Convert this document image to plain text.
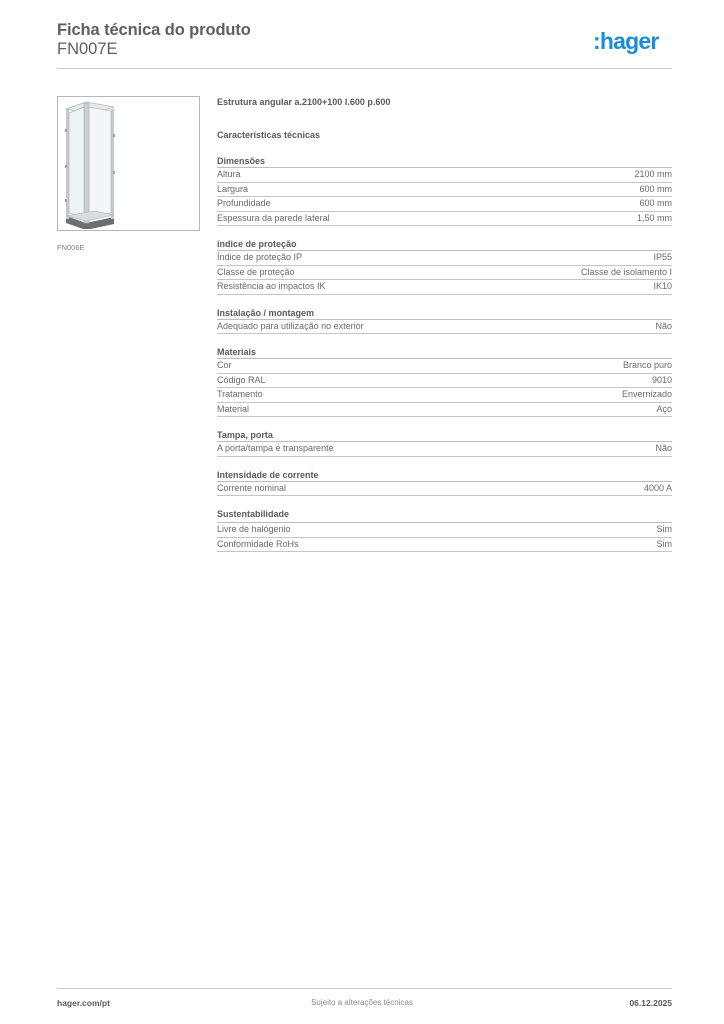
Ficha técnica do produto
FN007E	:hager
FN006E
Estrutura angular a.2100+100 l.600 p.600
Características técnicas
Dimensões
Altura	2100 mm
Largura	600 mm
Profundidade	600 mm
Espessura da parede lateral	1,50 mm
índice de proteção
Índice de proteção IP	IP55
Classe de proteção	Classe de isolamento I
Resistência ao impactos IK	IK10
Instalação / montagem
Adequado para utilização no exterior	Não
Materiais
Cor	Branco puro
Código RAL	9010
Tratamento	Envernizado
Material	Aço
Tampa, porta
A porta/tampa é transparente	Não
Intensidade de corrente
Corrente nominal	4000 A
Sustentabilidade
Livre de halógenio	Sim
Conformidade RoHs	Sim
hager.com/pt	Sujeito a alterações técnicas	06.12.2025
